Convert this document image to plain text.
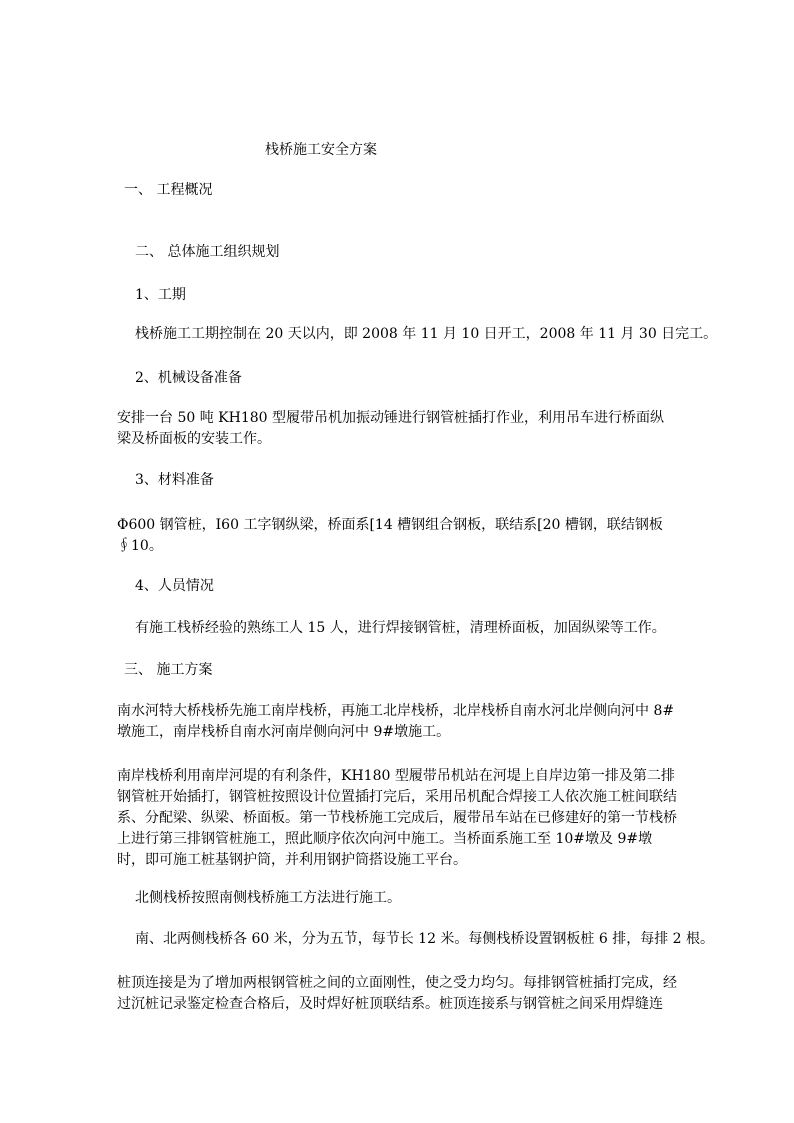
栈桥施工安全方案
一、 工程概况
二、 总体施工组织规划
1、工期
栈桥施工工期控制在 20 天以内，即 2008 年 11 月 10 日开工，2008 年 11 月 30 日完工。
2、机械设备准备
安排一台 50 吨 KH180 型履带吊机加振动锤进行钢管桩插打作业，利用吊车进行桥面纵梁及桥面板的安装工作。
3、材料准备
Φ600 钢管桩，I60 工字钢纵梁，桥面系[14 槽钢组合钢板，联结系[20 槽钢，联结钢板 ∮10。
4、人员情况
有施工栈桥经验的熟练工人 15 人，进行焊接钢管桩，清理桥面板，加固纵梁等工作。
三、 施工方案
南水河特大桥栈桥先施工南岸栈桥，再施工北岸栈桥，北岸栈桥自南水河北岸侧向河中 8#墩施工，南岸栈桥自南水河南岸侧向河中 9#墩施工。
南岸栈桥利用南岸河堤的有利条件，KH180 型履带吊机站在河堤上自岸边第一排及第二排钢管桩开始插打，钢管桩按照设计位置插打完后，采用吊机配合焊接工人依次施工桩间联结系、分配梁、纵梁、桥面板。第一节栈桥施工完成后，履带吊车站在已修建好的第一节栈桥上进行第三排钢管桩施工，照此顺序依次向河中施工。当桥面系施工至 10#墩及 9#墩时，即可施工桩基钢护筒，并利用钢护筒搭设施工平台。
北侧栈桥按照南侧栈桥施工方法进行施工。
南、北两侧栈桥各 60 米，分为五节，每节长 12 米。每侧栈桥设置钢板桩 6 排，每排 2 根。
桩顶连接是为了增加两根钢管桩之间的立面刚性，使之受力均匀。每排钢管桩插打完成，经过沉桩记录鉴定检查合格后，及时焊好桩顶联结系。桩顶连接系与钢管桩之间采用焊缝连
